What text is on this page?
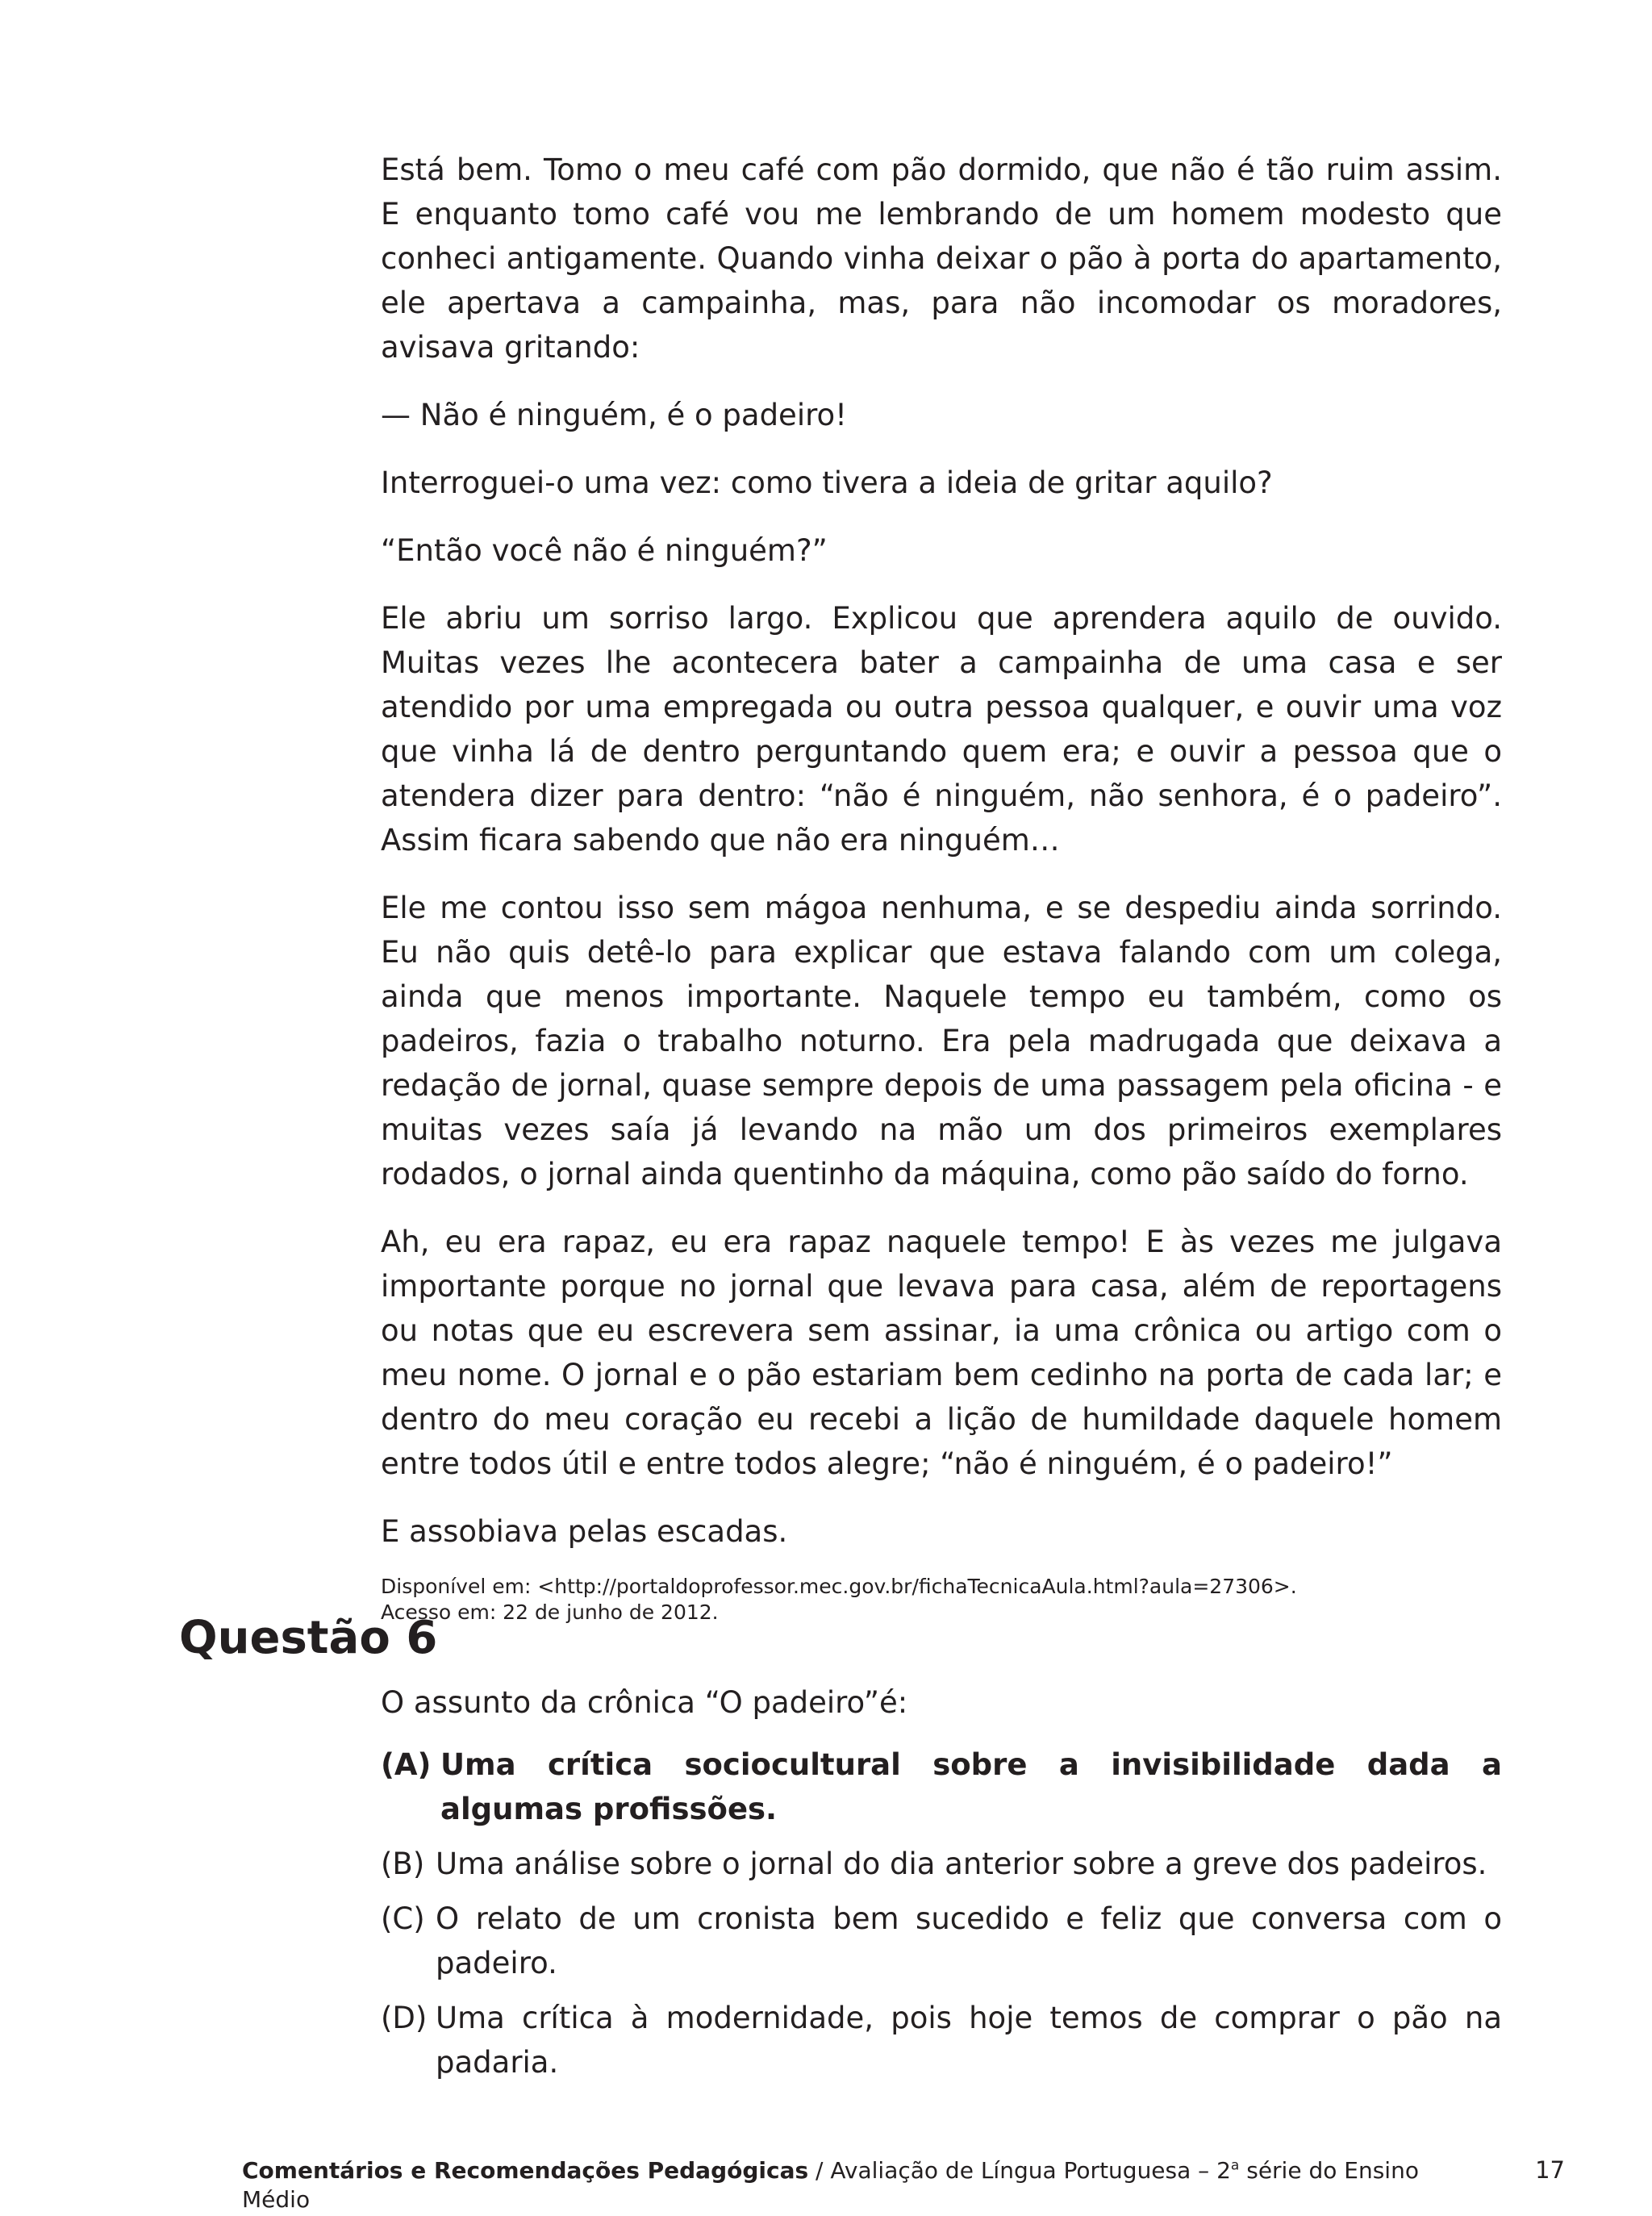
Está bem. Tomo o meu café com pão dormido, que não é tão ruim assim. E enquanto tomo café vou me lembrando de um homem modesto que conheci antigamente. Quando vinha deixar o pão à porta do apartamento, ele apertava a campainha, mas, para não incomodar os moradores, avisava gritando:

— Não é ninguém, é o padeiro!

Interroguei-o uma vez: como tivera a ideia de gritar aquilo?

“Então você não é ninguém?”

Ele abriu um sorriso largo. Explicou que aprendera aquilo de ouvido. Muitas vezes lhe acontecera bater a campainha de uma casa e ser atendido por uma empregada ou outra pessoa qualquer, e ouvir uma voz que vinha lá de dentro perguntando quem era; e ouvir a pessoa que o atendera dizer para dentro: “não é ninguém, não senhora, é o padeiro”. Assim ficara sabendo que não era ninguém…

Ele me contou isso sem mágoa nenhuma, e se despediu ainda sorrindo. Eu não quis detê-lo para explicar que estava falando com um colega, ainda que menos importante. Naquele tempo eu também, como os padeiros, fazia o trabalho noturno. Era pela madrugada que deixava a redação de jornal, quase sempre depois de uma passagem pela oficina - e muitas vezes saía já levando na mão um dos primeiros exemplares rodados, o jornal ainda quentinho da máquina, como pão saído do forno.

Ah, eu era rapaz, eu era rapaz naquele tempo! E às vezes me julgava importante porque no jornal que levava para casa, além de reportagens ou notas que eu escrevera sem assinar, ia uma crônica ou artigo com o meu nome. O jornal e o pão estariam bem cedinho na porta de cada lar; e dentro do meu coração eu recebi a lição de humildade daquele homem entre todos útil e entre todos alegre; “não é ninguém, é o padeiro!”

E assobiava pelas escadas.

Disponível em: <http://portaldoprofessor.mec.gov.br/fichaTecnicaAula.html?aula=27306>.
Acesso em: 22 de junho de 2012.
Questão 6

O assunto da crônica “O padeiro”é:

(A) Uma crítica sociocultural sobre a invisibilidade dada a algumas profissões.
(B) Uma análise sobre o jornal do dia anterior sobre a greve dos padeiros.
(C) O relato de um cronista bem sucedido e feliz que conversa com o padeiro.
(D) Uma crítica à modernidade, pois hoje temos de comprar o pão na padaria.
Comentários e Recomendações Pedagógicas / Avaliação de Língua Portuguesa – 2$^a$ série do Ensino Médio
17
